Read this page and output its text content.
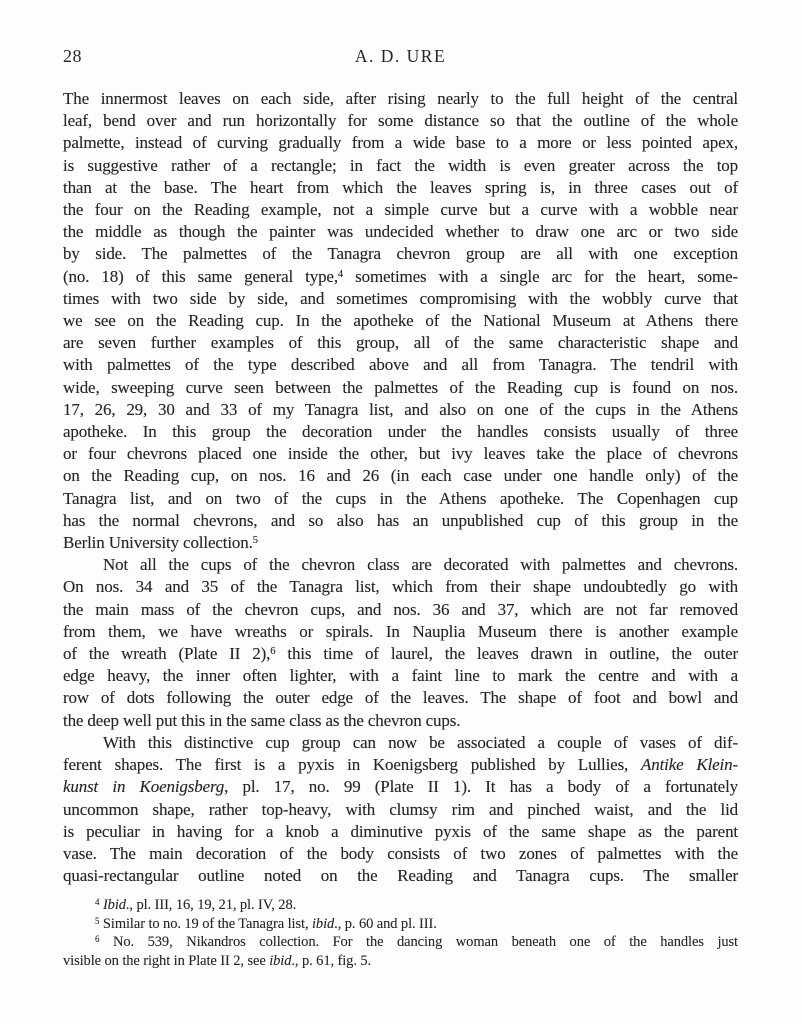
28	A. D. URE
The innermost leaves on each side, after rising nearly to the full height of the central
leaf, bend over and run horizontally for some distance so that the outline of the whole
palmette, instead of curving gradually from a wide base to a more or less pointed apex,
is suggestive rather of a rectangle; in fact the width is even greater across the top
than at the base. The heart from which the leaves spring is, in three cases out of
the four on the Reading example, not a simple curve but a curve with a wobble near
the middle as though the painter was undecided whether to draw one arc or two side
by side. The palmettes of the Tanagra chevron group are all with one exception
(no. 18) of this same general type,$^4$ sometimes with a single arc for the heart, some-
times with two side by side, and sometimes compromising with the wobbly curve that
we see on the Reading cup. In the apotheke of the National Museum at Athens there
are seven further examples of this group, all of the same characteristic shape and
with palmettes of the type described above and all from Tanagra. The tendril with
wide, sweeping curve seen between the palmettes of the Reading cup is found on nos.
17, 26, 29, 30 and 33 of my Tanagra list, and also on one of the cups in the Athens
apotheke. In this group the decoration under the handles consists usually of three
or four chevrons placed one inside the other, but ivy leaves take the place of chevrons
on the Reading cup, on nos. 16 and 26 (in each case under one handle only) of the
Tanagra list, and on two of the cups in the Athens apotheke. The Copenhagen cup
has the normal chevrons, and so also has an unpublished cup of this group in the
Berlin University collection.$^5$
Not all the cups of the chevron class are decorated with palmettes and chevrons.
On nos. 34 and 35 of the Tanagra list, which from their shape undoubtedly go with
the main mass of the chevron cups, and nos. 36 and 37, which are not far removed
from them, we have wreaths or spirals. In Nauplia Museum there is another example
of the wreath (Plate II 2),$^6$ this time of laurel, the leaves drawn in outline, the outer
edge heavy, the inner often lighter, with a faint line to mark the centre and with a
row of dots following the outer edge of the leaves. The shape of foot and bowl and
the deep well put this in the same class as the chevron cups.
With this distinctive cup group can now be associated a couple of vases of dif-
ferent shapes. The first is a pyxis in Koenigsberg published by Lullies, Antike Klein-
kunst in Koenigsberg, pl. 17, no. 99 (Plate II 1). It has a body of a fortunately
uncommon shape, rather top-heavy, with clumsy rim and pinched waist, and the lid
is peculiar in having for a knob a diminutive pyxis of the same shape as the parent
vase. The main decoration of the body consists of two zones of palmettes with the
quasi-rectangular outline noted on the Reading and Tanagra cups. The smaller
$^4$ Ibid., pl. III, 16, 19, 21, pl. IV, 28.
$^5$ Similar to no. 19 of the Tanagra list, ibid., p. 60 and pl. III.
$^6$ No. 539, Nikandros collection. For the dancing woman beneath one of the handles just
visible on the right in Plate II 2, see ibid., p. 61, fig. 5.
